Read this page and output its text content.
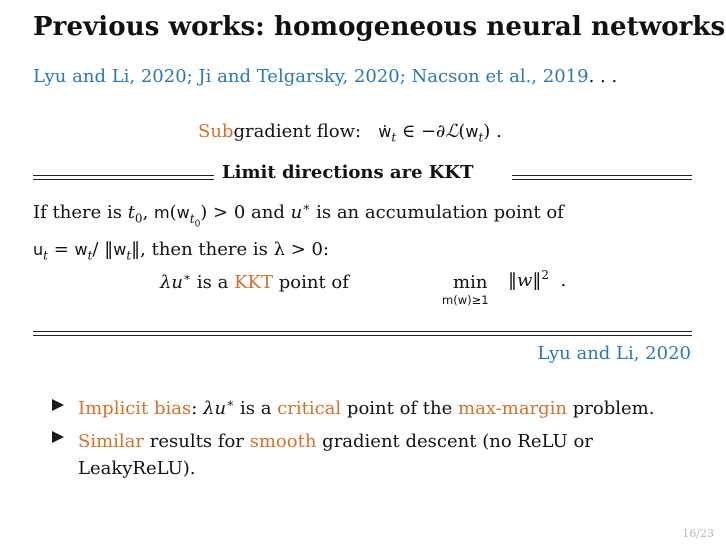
Previous works: homogeneous neural networks
Lyu and Li, 2020; Ji and Telgarsky, 2020; Nacson et al., 2019. . .
Subgradient flow: ẇ$_t$ ∈ $-\partial ℒ(w_t)$ .
Limit directions are KKT
If there is $t_0$, $m(w_{t_0}) > 0$ and u∗ is an accumulation point of
$u_t = w_t/$ $‖w_t‖$, then there is λ > 0:
λu∗ is a KKT point of	min
m(w)≥1
‖w‖$^2$  .
Lyu and Li, 2020
Implicit bias: λu∗ is a critical point of the max-margin problem.
Similar results for smooth gradient descent (no ReLU or LeakyReLU).
16/23
